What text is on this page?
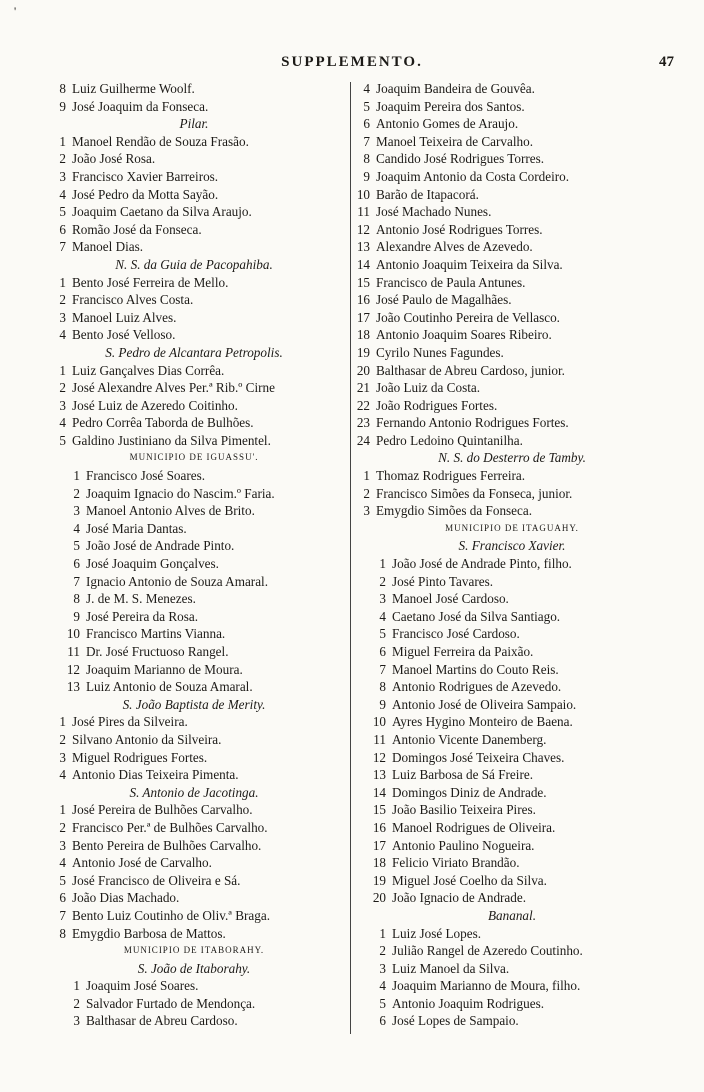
'
SUPPLEMENTO.	47
8 Luiz Guilherme Woolf.
9 José Joaquim da Fonseca.
Pilar.
1 Manoel Rendão de Souza Frasão.
2 João José Rosa.
3 Francisco Xavier Barreiros.
4 José Pedro da Motta Sayão.
5 Joaquim Caetano da Silva Araujo.
6 Romão José da Fonseca.
7 Manoel Dias.
N. S. da Guia de Pacopahiba.
1 Bento José Ferreira de Mello.
2 Francisco Alves Costa.
3 Manoel Luiz Alves.
4 Bento José Velloso.
S. Pedro de Alcantara Petropolis.
1 Luiz Gançalves Dias Corrêa.
2 José Alexandre Alves Per.ª Rib.º Cirne
3 José Luiz de Azeredo Coitinho.
4 Pedro Corrêa Taborda de Bulhões.
5 Galdino Justiniano da Silva Pimentel.
MUNICIPIO DE IGUASSU'.
1 Francisco José Soares.
2 Joaquim Ignacio do Nascim.º Faria.
3 Manoel Antonio Alves de Brito.
4 José Maria Dantas.
5 João José de Andrade Pinto.
6 José Joaquim Gonçalves.
7 Ignacio Antonio de Souza Amaral.
8 J. de M. S. Menezes.
9 José Pereira da Rosa.
10 Francisco Martins Vianna.
11 Dr. José Fructuoso Rangel.
12 Joaquim Marianno de Moura.
13 Luiz Antonio de Souza Amaral.
S. João Baptista de Merity.
1 José Pires da Silveira.
2 Silvano Antonio da Silveira.
3 Miguel Rodrigues Fortes.
4 Antonio Dias Teixeira Pimenta.
S. Antonio de Jacotinga.
1 José Pereira de Bulhões Carvalho.
2 Francisco Per.ª de Bulhões Carvalho.
3 Bento Pereira de Bulhões Carvalho.
4 Antonio José de Carvalho.
5 José Francisco de Oliveira e Sá.
6 João Dias Machado.
7 Bento Luiz Coutinho de Oliv.ª Braga.
8 Emygdio Barbosa de Mattos.
MUNICIPIO DE ITABORAHY.
S. João de Itaborahy.
1 Joaquim José Soares.
2 Salvador Furtado de Mendonça.
3 Balthasar de Abreu Cardoso.
4 Joaquim Bandeira de Gouvêa.
5 Joaquim Pereira dos Santos.
6 Antonio Gomes de Araujo.
7 Manoel Teixeira de Carvalho.
8 Candido José Rodrigues Torres.
9 Joaquim Antonio da Costa Cordeiro.
10 Barão de Itapacorá.
11 José Machado Nunes.
12 Antonio José Rodrigues Torres.
13 Alexandre Alves de Azevedo.
14 Antonio Joaquim Teixeira da Silva.
15 Francisco de Paula Antunes.
16 José Paulo de Magalhães.
17 João Coutinho Pereira de Vellasco.
18 Antonio Joaquim Soares Ribeiro.
19 Cyrilo Nunes Fagundes.
20 Balthasar de Abreu Cardoso, junior.
21 João Luiz da Costa.
22 João Rodrigues Fortes.
23 Fernando Antonio Rodrigues Fortes.
24 Pedro Ledoino Quintanilha.
N. S. do Desterro de Tamby.
1 Thomaz Rodrigues Ferreira.
2 Francisco Simões da Fonseca, junior.
3 Emygdio Simões da Fonseca.
MUNICIPIO DE ITAGUAHY.
S. Francisco Xavier.
1 João José de Andrade Pinto, filho.
2 José Pinto Tavares.
3 Manoel José Cardoso.
4 Caetano José da Silva Santiago.
5 Francisco José Cardoso.
6 Miguel Ferreira da Paixão.
7 Manoel Martins do Couto Reis.
8 Antonio Rodrigues de Azevedo.
9 Antonio José de Oliveira Sampaio.
10 Ayres Hygino Monteiro de Baena.
11 Antonio Vicente Danemberg.
12 Domingos José Teixeira Chaves.
13 Luiz Barbosa de Sá Freire.
14 Domingos Diniz de Andrade.
15 João Basilio Teixeira Pires.
16 Manoel Rodrigues de Oliveira.
17 Antonio Paulino Nogueira.
18 Felicio Viriato Brandão.
19 Miguel José Coelho da Silva.
20 João Ignacio de Andrade.
Bananal.
1 Luiz José Lopes.
2 Julião Rangel de Azeredo Coutinho.
3 Luiz Manoel da Silva.
4 Joaquim Marianno de Moura, filho.
5 Antonio Joaquim Rodrigues.
6 José Lopes de Sampaio.
